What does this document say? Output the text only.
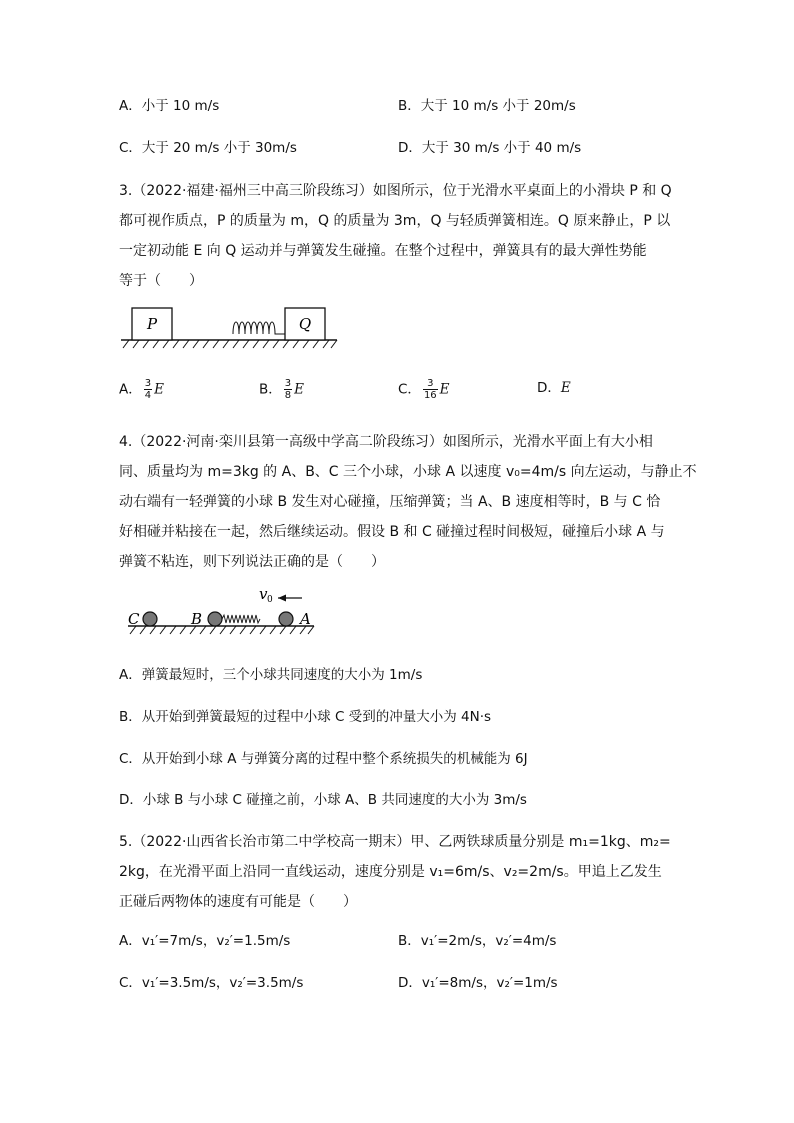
A．小于 10 m/s	B．大于 10 m/s 小于 20m/s
C．大于 20 m/s 小于 30m/s	D．大于 30 m/s 小于 40 m/s
3.（2022·福建·福州三中高三阶段练习）如图所示，位于光滑水平桌面上的小滑块 P 和 Q
都可视作质点，P 的质量为 m，Q 的质量为 3m，Q 与轻质弹簧相连。Q 原来静止，P 以
一定初动能 E 向 Q 运动并与弹簧发生碰撞。在整个过程中，弹簧具有的最大弹性势能
等于（　　）
P	Q
A． $\frac{3}{4}$ E	B． $\frac{3}{8}$ E	C． $\frac{3}{16}$ E	D．E
4.（2022·河南·栾川县第一高级中学高二阶段练习）如图所示，光滑水平面上有大小相
同、质量均为 m=3kg 的 A、B、C 三个小球，小球 A 以速度 v₀=4m/s 向左运动，与静止不
动右端有一轻弹簧的小球 B 发生对心碰撞，压缩弹簧；当 A、B 速度相等时，B 与 C 恰
好相碰并粘接在一起，然后继续运动。假设 B 和 C 碰撞过程时间极短，碰撞后小球 A 与
弹簧不粘连，则下列说法正确的是（　　）
v 0
C	B	A
A．弹簧最短时，三个小球共同速度的大小为 1m/s
B．从开始到弹簧最短的过程中小球 C 受到的冲量大小为 4N·s
C．从开始到小球 A 与弹簧分离的过程中整个系统损失的机械能为 6J
D．小球 B 与小球 C 碰撞之前，小球 A、B 共同速度的大小为 3m/s
5.（2022·山西省长治市第二中学校高一期末）甲、乙两铁球质量分别是 m₁=1kg、m₂=
2kg，在光滑平面上沿同一直线运动，速度分别是 v₁=6m/s、v₂=2m/s。甲追上乙发生
正碰后两物体的速度有可能是（　　）
A．v₁′=7m/s，v₂′=1.5m/s	B．v₁′=2m/s，v₂′=4m/s
C．v₁′=3.5m/s，v₂′=3.5m/s	D．v₁′=8m/s，v₂′=1m/s
